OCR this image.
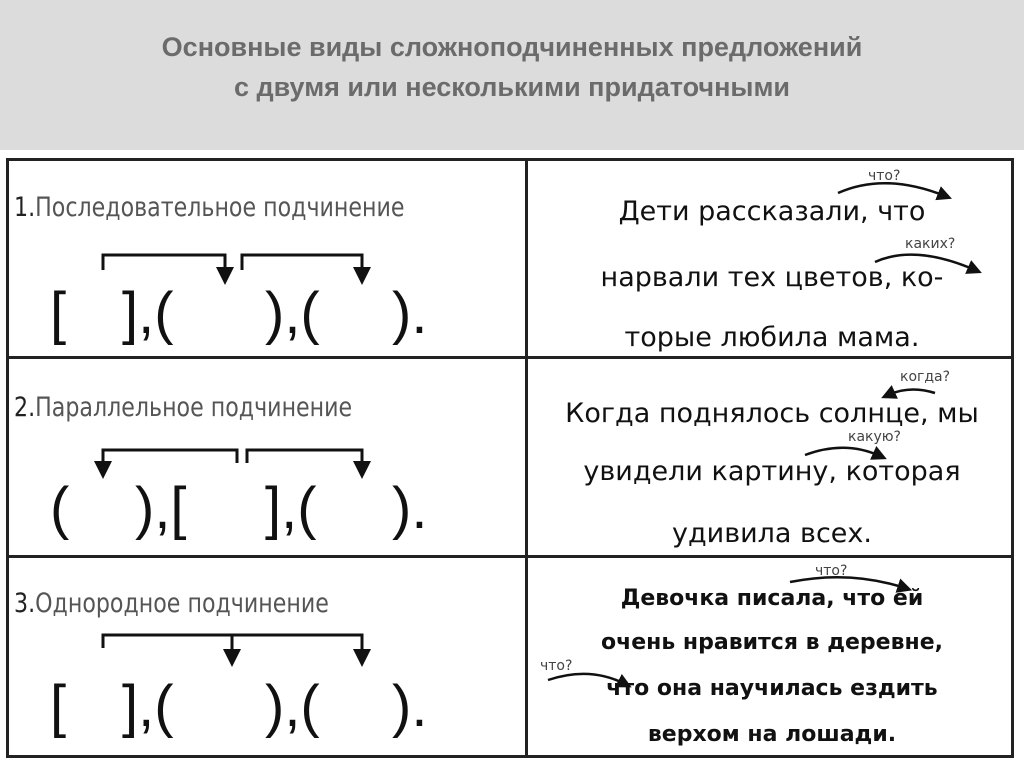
Основные виды сложноподчиненных предложений
с двумя или несколькими придаточными
1.Последовательное подчинение
[ ],( ),( ).
Дети рассказали, что
нарвали тех цветов, ко-
торые любила мама.
что?
каких?
2.Параллельное подчинение
( ),[ ],( ).
Когда поднялось солнце, мы
увидели картину, которая
удивила всех.
когда?
какую?
3.Однородное подчинение
[ ],( ),( ).
Девочка писала, что ей
очень нравится в деревне,
что она научилась ездить
верхом на лошади.
что?
что?
